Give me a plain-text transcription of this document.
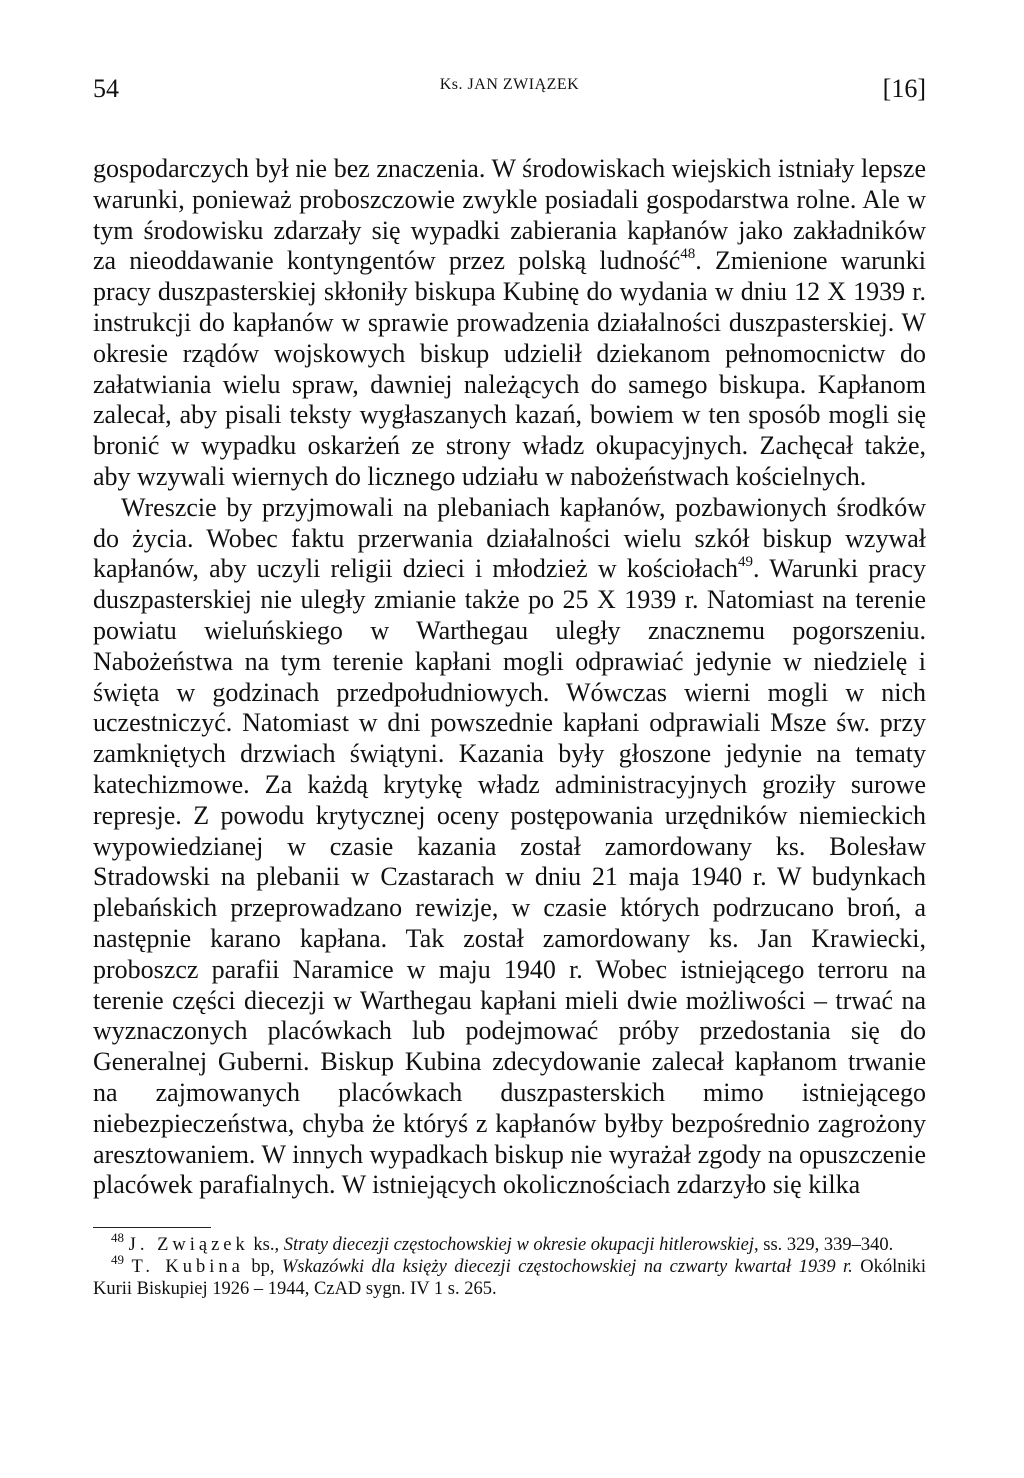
54	Ks. JAN ZWIĄZEK	[16]

gospodarczych był nie bez znaczenia. W środowiskach wiejskich istniały lepsze warunki, ponieważ proboszczowie zwykle posiadali gospodarstwa rolne. Ale w tym środowisku zdarzały się wypadki zabierania kapłanów jako zakładników za nieoddawanie kontyngentów przez polską ludność$^{48}$. Zmienione warunki pracy duszpasterskiej skłoniły biskupa Kubinę do wydania w dniu 12 X 1939 r. instrukcji do kapłanów w sprawie prowadzenia działalności duszpasterskiej. W okresie rządów wojskowych biskup udzielił dziekanom pełnomocnictw do załatwiania wielu spraw, dawniej należących do samego biskupa. Kapłanom zalecał, aby pisali teksty wygłaszanych kazań, bowiem w ten sposób mogli się bronić w wypadku oskarżeń ze strony władz okupacyjnych. Zachęcał także, aby wzywali wiernych do licznego udziału w nabożeństwach kościelnych.

Wreszcie by przyjmowali na plebaniach kapłanów, pozbawionych środków do życia. Wobec faktu przerwania działalności wielu szkół biskup wzywał kapłanów, aby uczyli religii dzieci i młodzież w kościołach$^{49}$. Warunki pracy duszpasterskiej nie uległy zmianie także po 25 X 1939 r. Natomiast na terenie powiatu wieluńskiego w Warthegau uległy znacznemu pogorszeniu. Nabożeństwa na tym terenie kapłani mogli odprawiać jedynie w niedzielę i święta w godzinach przedpołudniowych. Wówczas wierni mogli w nich uczestniczyć. Natomiast w dni powszednie kapłani odprawiali Msze św. przy zamkniętych drzwiach świątyni. Kazania były głoszone jedynie na tematy katechizmowe. Za każdą krytykę władz administracyjnych groziły surowe represje. Z powodu krytycznej oceny postępowania urzędników niemieckich wypowiedzianej w czasie kazania został zamordowany ks. Bolesław Stradowski na plebanii w Czastarach w dniu 21 maja 1940 r. W budynkach plebańskich przeprowadzano rewizje, w czasie których podrzucano broń, a następnie karano kapłana. Tak został zamordowany ks. Jan Krawiecki, proboszcz parafii Naramice w maju 1940 r. Wobec istniejącego terroru na terenie części diecezji w Warthegau kapłani mieli dwie możliwości – trwać na wyznaczonych placówkach lub podejmować próby przedostania się do Generalnej Guberni. Biskup Kubina zdecydowanie zalecał kapłanom trwanie na zajmowanych placówkach duszpasterskich mimo istniejącego niebezpieczeństwa, chyba że któryś z kapłanów byłby bezpośrednio zagrożony aresztowaniem. W innych wypadkach biskup nie wyrażał zgody na opuszczenie placówek parafialnych. W istniejących okolicznościach zdarzyło się kilka

$^{48}$ J. Związek ks., Straty diecezji częstochowskiej w okresie okupacji hitlerowskiej, ss. 329, 339–340.

$^{49}$ T. Kubina bp, Wskazówki dla księży diecezji częstochowskiej na czwarty kwartał 1939 r. Okólniki Kurii Biskupiej 1926 – 1944, CzAD sygn. IV 1 s. 265.
